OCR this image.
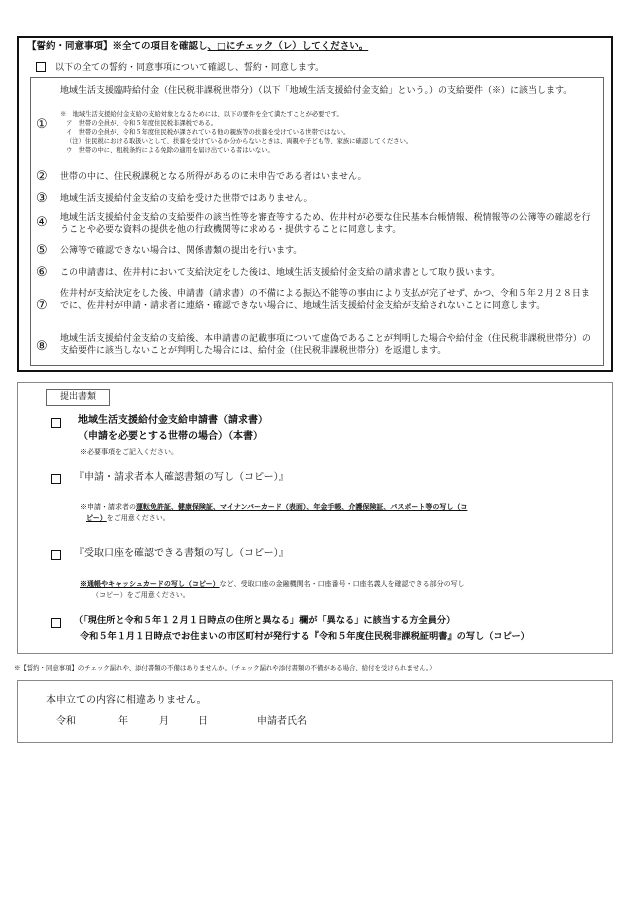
【誓約・同意事項】※全ての項目を確認し、□にチェック（レ）してください。
以下の全ての誓約・同意事項について確認し、誓約・同意します。
①
地域生活支援臨時給付金（住民税非課税世帯分）（以下「地域生活支援給付金支給」という。）の支給要件（※）に該当します。
※　地域生活支援給付金支給の支給対象となるためには、以下の要件を全て満たすことが必要です。
ア　世帯の全員が、令和５年度住民税非課税である。
イ　世帯の全員が、令和５年度住民税が課されている他の親族等の扶養を受けている世帯ではない。
（注）住民税における取扱いとして、扶養を受けているか分からないときは、両親や子ども等、家族に確認してください。
ウ　世帯の中に、租税条約による免除の適用を届け出ている者はいない。
② 世帯の中に、住民税課税となる所得があるのに未申告である者はいません。
③ 地域生活支援給付金支給の支給を受けた世帯ではありません。
④ 地域生活支援給付金支給の支給要件の該当性等を審査等するため、佐井村が必要な住民基本台帳情報、税情報等の公簿等の確認を行うことや必要な資料の提供を他の行政機関等に求める・提供することに同意します。
⑤ 公簿等で確認できない場合は、関係書類の提出を行います。
⑥ この申請書は、佐井村において支給決定をした後は、地域生活支援給付金支給の請求書として取り扱います。
⑦
佐井村が支給決定をした後、申請書（請求書）の不備による振込不能等の事由により支払が完了せず、かつ、令和５年２月２８日までに、佐井村が申請・請求者に連絡・確認できない場合に、地域生活支援給付金支給が支給されないことに同意します。
⑧ 地域生活支援給付金支給の支給後、本申請書の記載事項について虚偽であることが判明した場合や給付金（住民税非課税世帯分）の支給要件に該当しないことが判明した場合には、給付金（住民税非課税世帯分）を返還します。
提出書類
地域生活支援給付金支給申請書（請求書）
（申請を必要とする世帯の場合）（本書）
※必要事項をご記入ください。
『申請・請求者本人確認書類の写し（コピー）』
※申請・請求者の運転免許証、健康保険証、マイナンバーカード（表面）、年金手帳、介護保険証、パスポート等の写し（コ
ピー）をご用意ください。
『受取口座を確認できる書類の写し（コピー）』
※通帳やキャッシュカードの写し（コピー）など、受取口座の金融機関名・口座番号・口座名義人を確認できる部分の写し
（コピー）をご用意ください。
（「現住所と令和５年１２月１日時点の住所と異なる」欄が「異なる」に該当する方全員分）
令和５年１月１日時点でお住まいの市区町村が発行する『令和５年度住民税非課税証明書』の写し（コピー）
※【誓約・同意事項】のチェック漏れや、添付書類の不備はありませんか。（チェック漏れや添付書類の不備がある場合、給付を受けられません。）
本申立ての内容に相違ありません。
令和	年	月	日	申請者氏名
